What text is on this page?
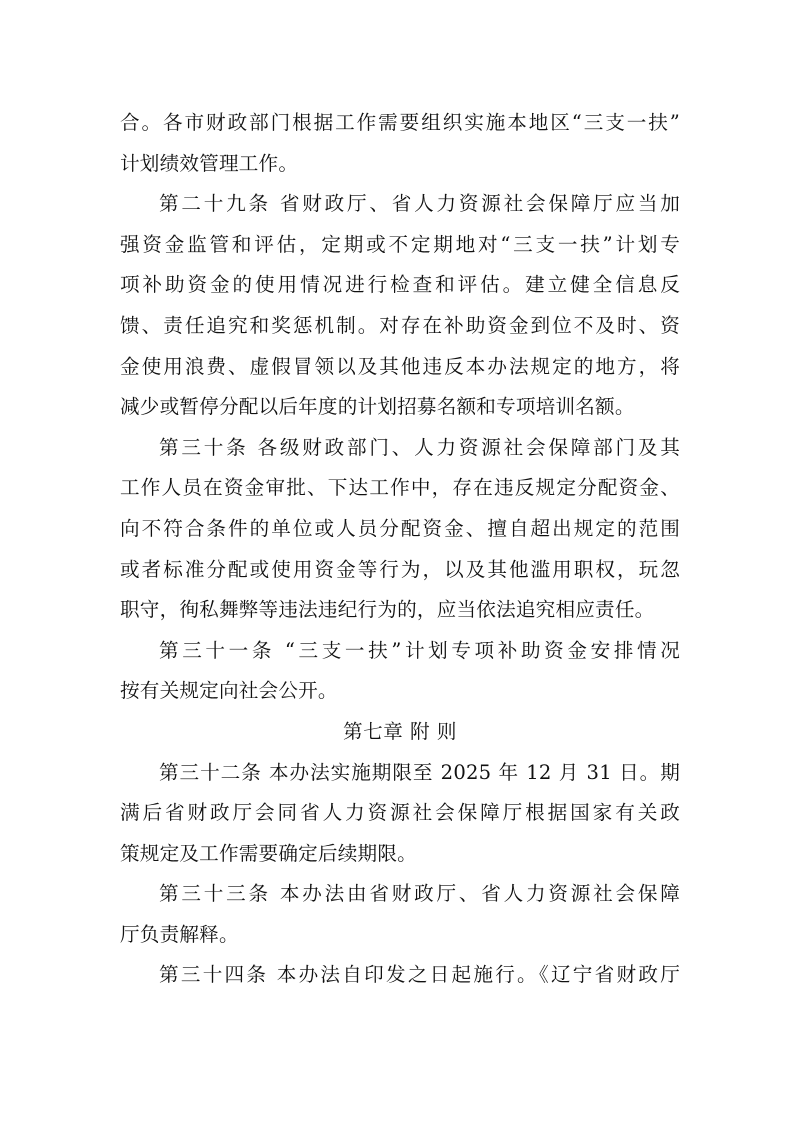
合。各市财政部门根据工作需要组织实施本地区“三支一扶”
计划绩效管理工作。

第二十九条 省财政厅、省人力资源社会保障厅应当加
强资金监管和评估，定期或不定期地对“三支一扶”计划专
项补助资金的使用情况进行检查和评估。建立健全信息反
馈、责任追究和奖惩机制。对存在补助资金到位不及时、资
金使用浪费、虚假冒领以及其他违反本办法规定的地方，将
减少或暂停分配以后年度的计划招募名额和专项培训名额。

第三十条 各级财政部门、人力资源社会保障部门及其
工作人员在资金审批、下达工作中，存在违反规定分配资金、
向不符合条件的单位或人员分配资金、擅自超出规定的范围
或者标准分配或使用资金等行为，以及其他滥用职权，玩忽
职守，徇私舞弊等违法违纪行为的，应当依法追究相应责任。

第三十一条 “三支一扶”计划专项补助资金安排情况
按有关规定向社会公开。

第七章 附 则

第三十二条 本办法实施期限至 2025 年 12 月 31 日。期
满后省财政厅会同省人力资源社会保障厅根据国家有关政
策规定及工作需要确定后续期限。

第三十三条 本办法由省财政厅、省人力资源社会保障
厅负责解释。

第三十四条 本办法自印发之日起施行。《辽宁省财政厅
